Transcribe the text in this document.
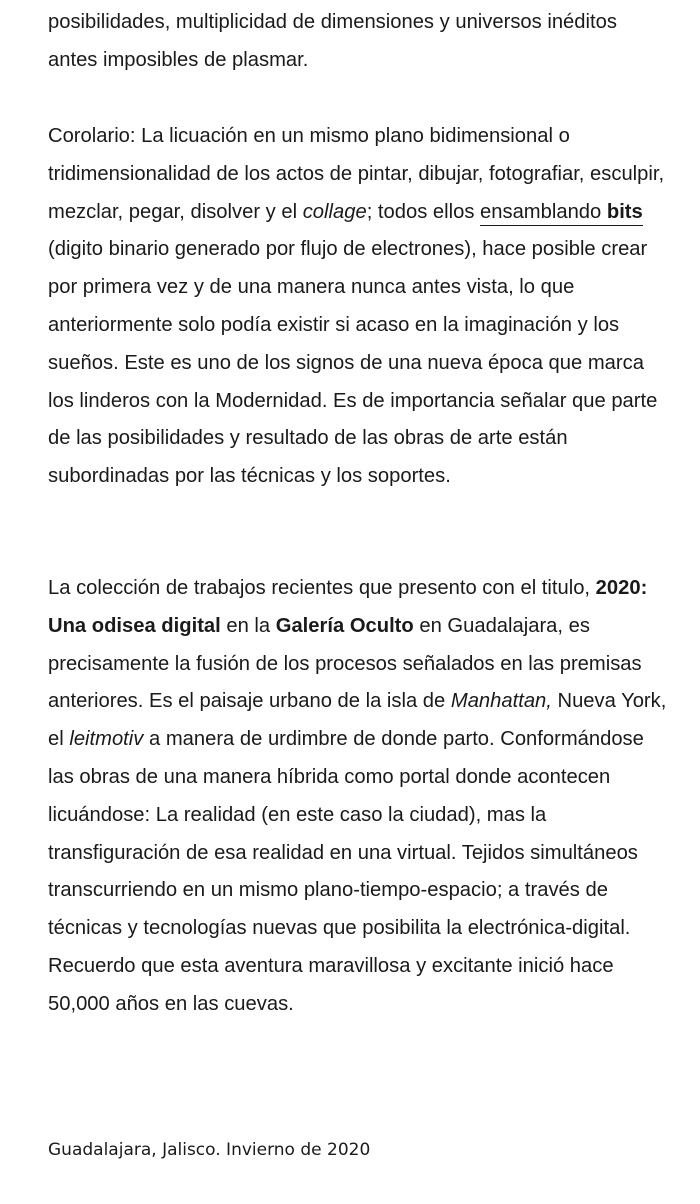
posibilidades, multiplicidad de dimensiones y universos inéditos antes imposibles de plasmar.

Corolario: La licuación en un mismo plano bidimensional o tridimensionalidad de los actos de pintar, dibujar, fotografiar, esculpir, mezclar, pegar, disolver y el collage; todos ellos ensamblando bits (digito binario generado por flujo de electrones), hace posible crear por primera vez y de una manera nunca antes vista, lo que anteriormente solo podía existir si acaso en la imaginación y los sueños. Este es uno de los signos de una nueva época que marca los linderos con la Modernidad. Es de importancia señalar que parte de las posibilidades y resultado de las obras de arte están subordinadas por las técnicas y los soportes.

La colección de trabajos recientes que presento con el titulo, 2020: Una odisea digital en la Galería Oculto en Guadalajara, es precisamente la fusión de los procesos señalados en las premisas anteriores. Es el paisaje urbano de la isla de Manhattan, Nueva York, el leitmotiv a manera de urdimbre de donde parto. Conformándose las obras de una manera híbrida como portal donde acontecen licuándose: La realidad (en este caso la ciudad), mas la transfiguración de esa realidad en una virtual. Tejidos simultáneos transcurriendo en un mismo plano-tiempo-espacio; a través de técnicas y tecnologías nuevas que posibilita la electrónica-digital. Recuerdo que esta aventura maravillosa y excitante inició hace 50,000 años en las cuevas.

Guadalajara, Jalisco. Invierno de 2020
